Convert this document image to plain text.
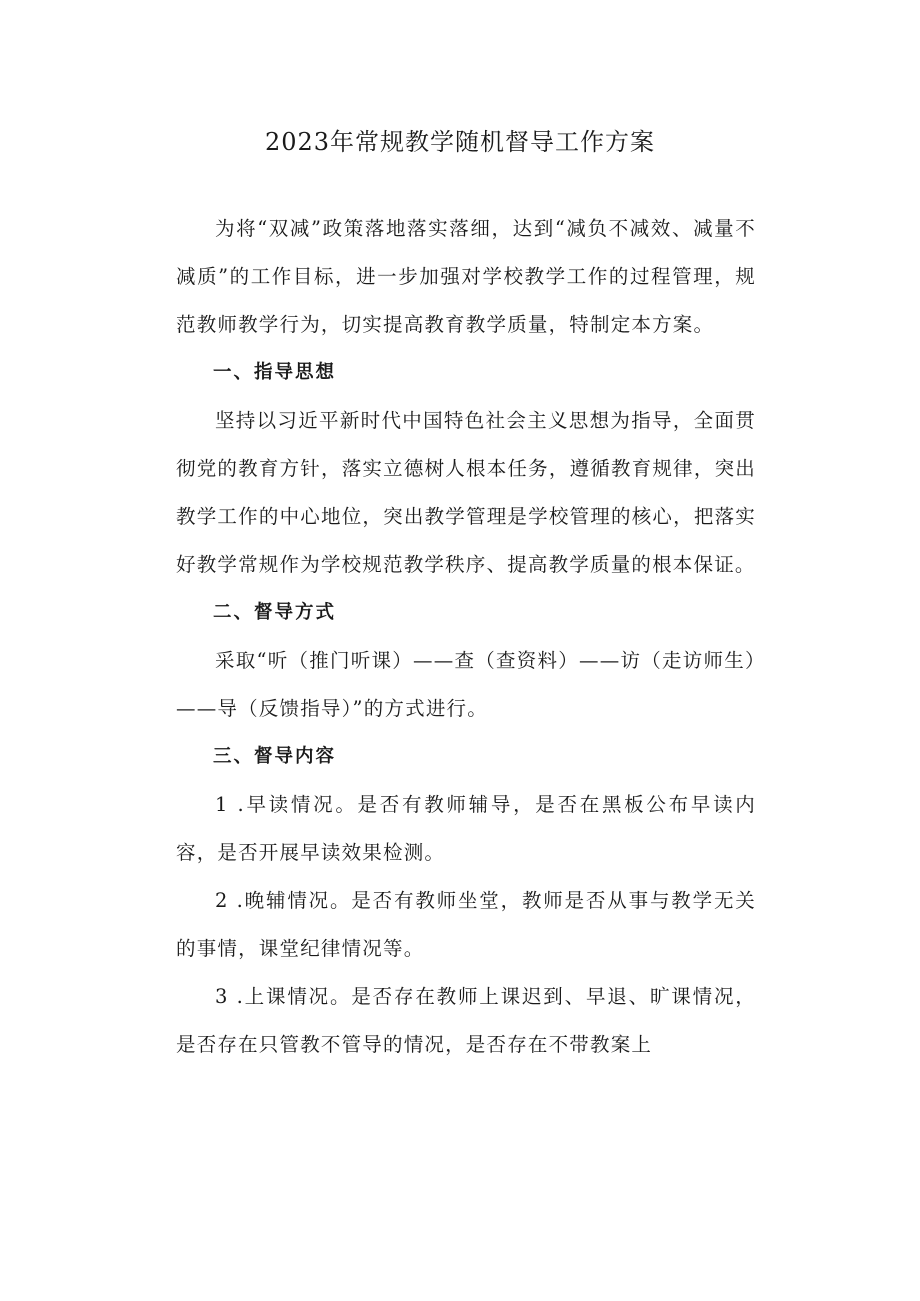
2023年常规教学随机督导工作方案

为将“双减”政策落地落实落细，达到“减负不减效、减量不减质”的工作目标，进一步加强对学校教学工作的过程管理，规范教师教学行为，切实提高教育教学质量，特制定本方案。

一、指导思想

坚持以习近平新时代中国特色社会主义思想为指导，全面贯彻党的教育方针，落实立德树人根本任务，遵循教育规律，突出教学工作的中心地位，突出教学管理是学校管理的核心，把落实好教学常规作为学校规范教学秩序、提高教学质量的根本保证。

二、督导方式

采取“听（推门听课）——查（查资料）——访（走访师生）——导（反馈指导）”的方式进行。

三、督导内容

1 .早读情况。是否有教师辅导，是否在黑板公布早读内容，是否开展早读效果检测。

2 .晚辅情况。是否有教师坐堂，教师是否从事与教学无关的事情，课堂纪律情况等。

3 .上课情况。是否存在教师上课迟到、早退、旷课情况，是否存在只管教不管导的情况，是否存在不带教案上
